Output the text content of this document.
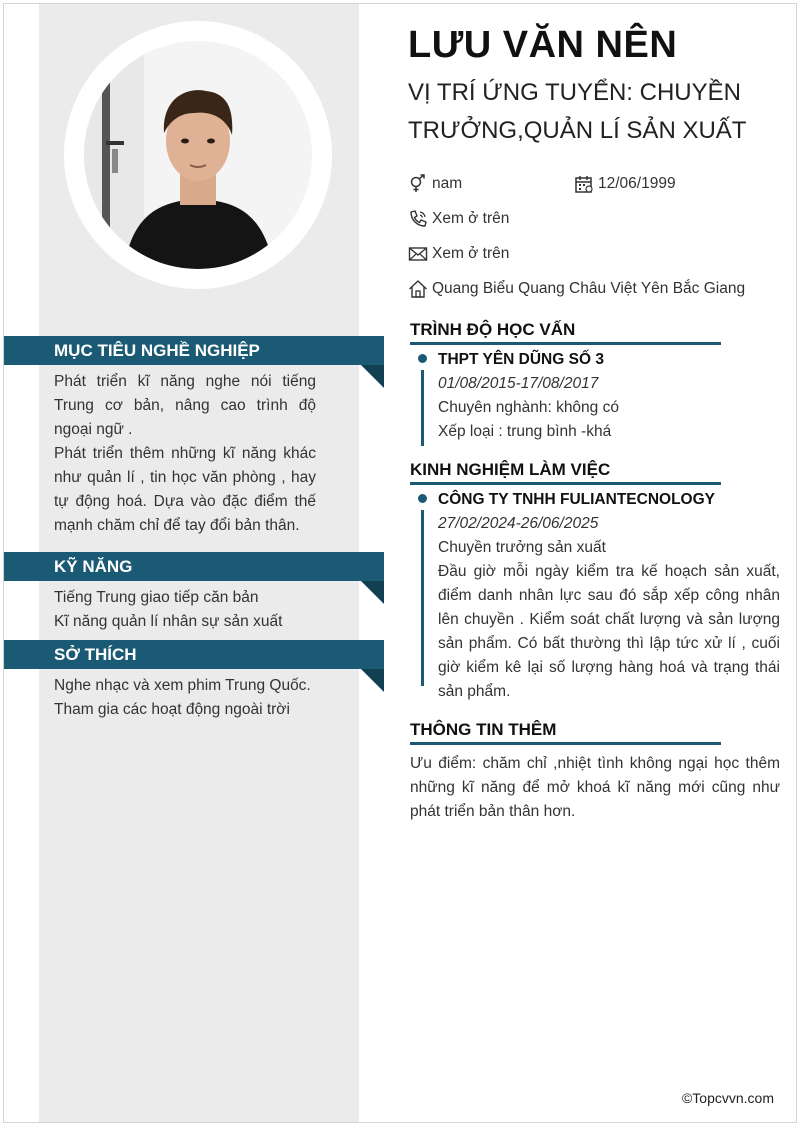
MỤC TIÊU NGHỀ NGHIỆP

Phát triển kĩ năng nghe nói tiếng Trung cơ bản, nâng cao trình độ ngoại ngữ .

Phát triển thêm những kĩ năng khác như quản lí , tin học văn phòng , hay tự động hoá. Dựa vào đặc điểm thế mạnh chăm chỉ để tay đổi bản thân.

KỸ NĂNG

Tiếng Trung giao tiếp căn bản

Kĩ năng quản lí nhân sự sản xuất

SỞ THÍCH

Nghe nhạc và xem phim Trung Quốc.

Tham gia các hoạt động ngoài trời

LƯU VĂN NÊN
VỊ TRÍ ỨNG TUYỂN: CHUYỀN TRƯỞNG,QUẢN LÍ SẢN XUẤT
nam	12/06/1999
Xem ở trên
Xem ở trên
Quang Biểu Quang Châu Việt Yên Bắc Giang
TRÌNH ĐỘ HỌC VẤN
THPT YÊN DŨNG SỐ 3
01/08/2015-17/08/2017
Chuyên nghành: không có
Xếp loại : trung bình -khá
KINH NGHIỆM LÀM VIỆC
CÔNG TY TNHH FULIANTECNOLOGY
27/02/2024-26/06/2025
Chuyền trưởng sản xuất
Đầu giờ mỗi ngày kiểm tra kế hoạch sản xuất, điểm danh nhân lực sau đó sắp xếp công nhân lên chuyền . Kiểm soát chất lượng và sản lượng sản phẩm. Có bất thường thì lập tức xử lí , cuối giờ kiểm kê lại số lượng hàng hoá và trạng thái sản phẩm.
THÔNG TIN THÊM
Ưu điểm: chăm chỉ ,nhiệt tình không ngại học thêm những kĩ năng để mở khoá kĩ năng mới cũng như phát triển bản thân hơn.
©Topcvvn.com
